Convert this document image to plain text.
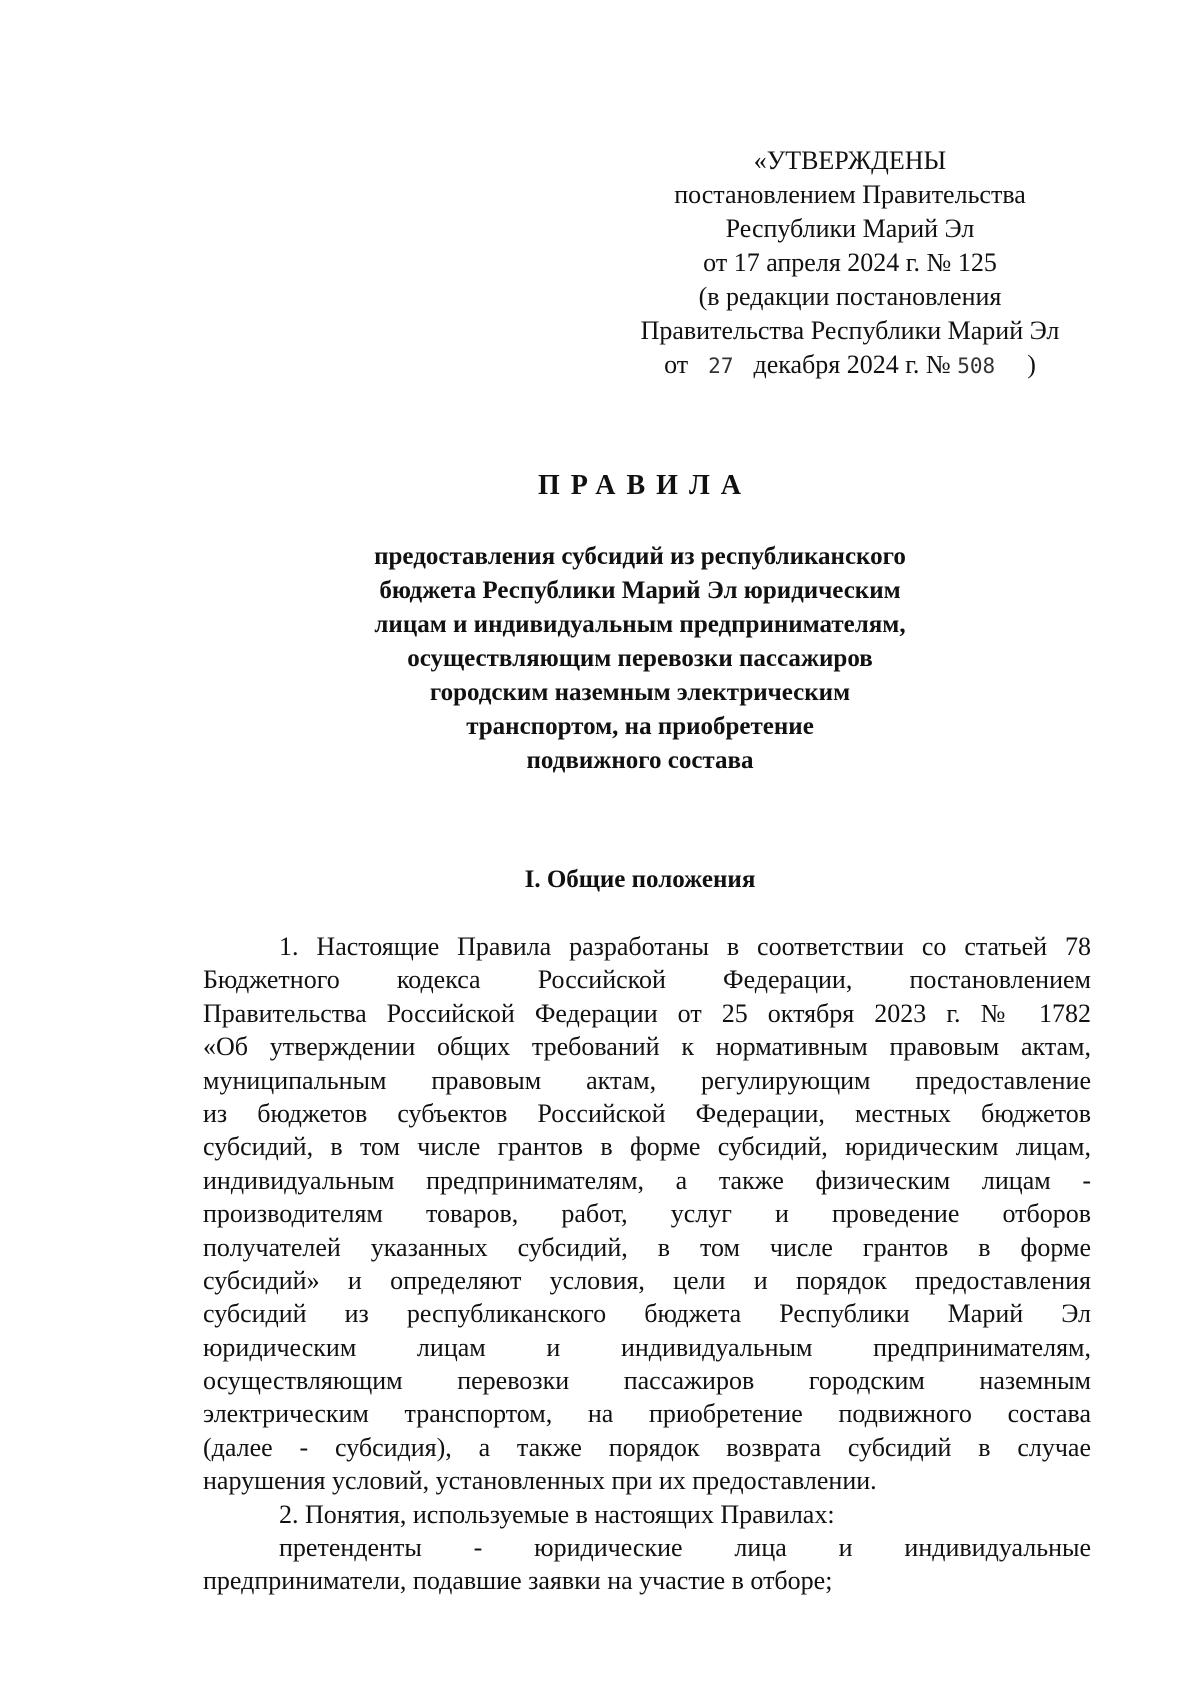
«УТВЕРЖДЕНЫ
постановлением Правительства
Республики Марий Эл
от 17 апреля 2024 г. № 125
(в редакции постановления
Правительства Республики Марий Эл
от 27 декабря 2024 г. № 508 )
ПРАВИЛА
предоставления субсидий из республиканского
бюджета Республики Марий Эл юридическим
лицам и индивидуальным предпринимателям,
осуществляющим перевозки пассажиров
городским наземным электрическим
транспортом, на приобретение
подвижного состава
I. Общие положения
1. Настоящие Правила разработаны в соответствии со статьей 78
Бюджетного кодекса Российской Федерации, постановлением
Правительства Российской Федерации от 25 октября 2023 г. № 1782
«Об утверждении общих требований к нормативным правовым актам,
муниципальным правовым актам, регулирующим предоставление
из бюджетов субъектов Российской Федерации, местных бюджетов
субсидий, в том числе грантов в форме субсидий, юридическим лицам,
индивидуальным предпринимателям, а также физическим лицам -
производителям товаров, работ, услуг и проведение отборов
получателей указанных субсидий, в том числе грантов в форме
субсидий» и определяют условия, цели и порядок предоставления
субсидий из республиканского бюджета Республики Марий Эл
юридическим лицам и индивидуальным предпринимателям,
осуществляющим перевозки пассажиров городским наземным
электрическим транспортом, на приобретение подвижного состава
(далее - субсидия), а также порядок возврата субсидий в случае
нарушения условий, установленных при их предоставлении.
2. Понятия, используемые в настоящих Правилах:
претенденты - юридические лица и индивидуальные
предприниматели, подавшие заявки на участие в отборе;
